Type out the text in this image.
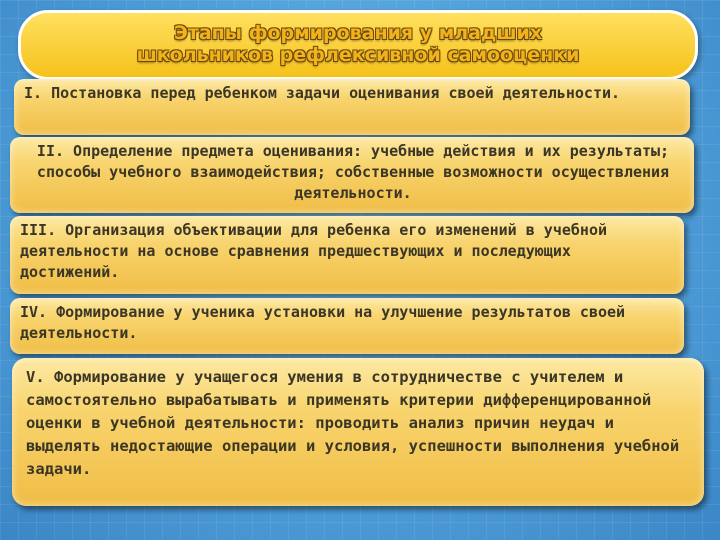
Этапы формирования у младших
школьников рефлексивной самооценки
I. Постановка перед ребенком задачи оценивания своей деятельности.
II. Определение предмета оценивания: учебные действия и их результаты; способы учебного взаимодействия; собственные возможности осуществления деятельности.
III. Организация объективации для ребенка его изменений в учебной деятельности на основе сравнения предшествующих и последующих достижений.
IV. Формирование у ученика установки на улучшение результатов своей деятельности.
V. Формирование у учащегося умения в сотрудничестве с учителем и самостоятельно вырабатывать и применять критерии дифференцированной оценки в учебной деятельности: проводить анализ причин неудач и выделять недостающие операции и условия, успешности выполнения учебной задачи.
